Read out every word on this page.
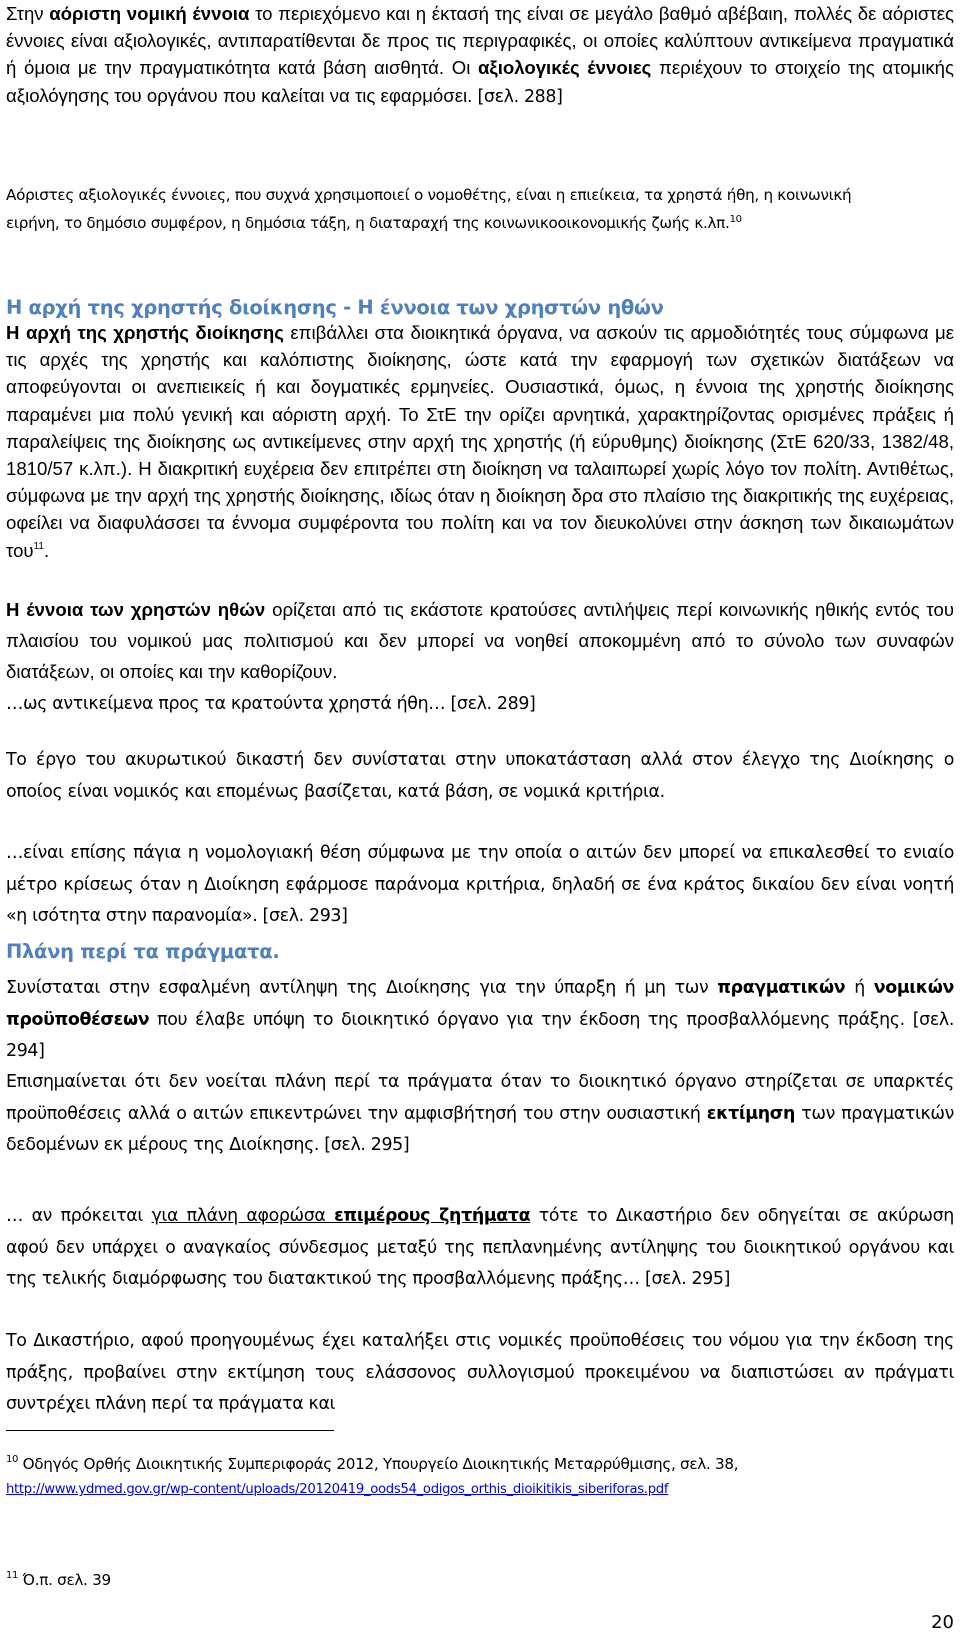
Στην αόριστη νομική έννοια το περιεχόμενο και η έκτασή της είναι σε μεγάλο βαθμό αβέβαιη, πολλές δε αόριστες έννοιες είναι αξιολογικές, αντιπαρατίθενται δε προς τις περιγραφικές, οι οποίες καλύπτουν αντικείμενα πραγματικά ή όμοια με την πραγματικότητα κατά βάση αισθητά. Οι αξιολογικές έννοιες περιέχουν το στοιχείο της ατομικής αξιολόγησης του οργάνου που καλείται να τις εφαρμόσει. [σελ. 288]

Αόριστες αξιολογικές έννοιες, που συχνά χρησιμοποιεί ο νομοθέτης, είναι η επιείκεια, τα χρηστά ήθη, η κοινωνική ειρήνη, το δημόσιο συμφέρον, η δημόσια τάξη, η διαταραχή της κοινωνικοοικονομικής ζωής κ.λπ.$^{10}$

Η αρχή της χρηστής διοίκησης - Η έννοια των χρηστών ηθών

Η αρχή της χρηστής διοίκησης επιβάλλει στα διοικητικά όργανα, να ασκούν τις αρμοδιότητές τους σύμφωνα με τις αρχές της χρηστής και καλόπιστης διοίκησης, ώστε κατά την εφαρμογή των σχετικών διατάξεων να αποφεύγονται οι ανεπιεικείς ή και δογματικές ερμηνείες. Ουσιαστικά, όμως, η έννοια της χρηστής διοίκησης παραμένει μια πολύ γενική και αόριστη αρχή. Το ΣτΕ την ορίζει αρνητικά, χαρακτηρίζοντας ορισμένες πράξεις ή παραλείψεις της διοίκησης ως αντικείμενες στην αρχή της χρηστής (ή εύρυθμης) διοίκησης (ΣτΕ 620/33, 1382/48, 1810/57 κ.λπ.). Η διακριτική ευχέρεια δεν επιτρέπει στη διοίκηση να ταλαιπωρεί χωρίς λόγο τον πολίτη. Αντιθέτως, σύμφωνα με την αρχή της χρηστής διοίκησης, ιδίως όταν η διοίκηση δρα στο πλαίσιο της διακριτικής της ευχέρειας, οφείλει να διαφυλάσσει τα έννομα συμφέροντα του πολίτη και να τον διευκολύνει στην άσκηση των δικαιωμάτων του$^{11}$.

Η έννοια των χρηστών ηθών ορίζεται από τις εκάστοτε κρατούσες αντιλήψεις περί κοινωνικής ηθικής εντός του πλαισίου του νομικού μας πολιτισμού και δεν μπορεί να νοηθεί αποκομμένη από το σύνολο των συναφών διατάξεων, οι οποίες και την καθορίζουν.

…ως αντικείμενα προς τα κρατούντα χρηστά ήθη… [σελ. 289]

Το έργο του ακυρωτικού δικαστή δεν συνίσταται στην υποκατάσταση αλλά στον έλεγχο της Διοίκησης ο οποίος είναι νομικός και επομένως βασίζεται, κατά βάση, σε νομικά κριτήρια.

…είναι επίσης πάγια η νομολογιακή θέση σύμφωνα με την οποία ο αιτών δεν μπορεί να επικαλεσθεί το ενιαίο μέτρο κρίσεως όταν η Διοίκηση εφάρμοσε παράνομα κριτήρια, δηλαδή σε ένα κράτος δικαίου δεν είναι νοητή «η ισότητα στην παρανομία». [σελ. 293]

Πλάνη περί τα πράγματα.

Συνίσταται στην εσφαλμένη αντίληψη της Διοίκησης για την ύπαρξη ή μη των πραγματικών ή νομικών προϋποθέσεων που έλαβε υπόψη το διοικητικό όργανο για την έκδοση της προσβαλλόμενης πράξης. [σελ. 294]

Επισημαίνεται ότι δεν νοείται πλάνη περί τα πράγματα όταν το διοικητικό όργανο στηρίζεται σε υπαρκτές προϋποθέσεις αλλά ο αιτών επικεντρώνει την αμφισβήτησή του στην ουσιαστική εκτίμηση των πραγματικών δεδομένων εκ μέρους της Διοίκησης. [σελ. 295]

… αν πρόκειται για πλάνη αφορώσα επιμέρους ζητήματα τότε το Δικαστήριο δεν οδηγείται σε ακύρωση αφού δεν υπάρχει ο αναγκαίος σύνδεσμος μεταξύ της πεπλανημένης αντίληψης του διοικητικού οργάνου και της τελικής διαμόρφωσης του διατακτικού της προσβαλλόμενης πράξης… [σελ. 295]

Το Δικαστήριο, αφού προηγουμένως έχει καταλήξει στις νομικές προϋποθέσεις του νόμου για την έκδοση της πράξης, προβαίνει στην εκτίμηση τους ελάσσονος συλλογισμού προκειμένου να διαπιστώσει αν πράγματι συντρέχει πλάνη περί τα πράγματα και

$^{10}$ Οδηγός Ορθής Διοικητικής Συμπεριφοράς 2012, Υπουργείο Διοικητικής Μεταρρύθμισης, σελ. 38,
http://www.ydmed.gov.gr/wp-content/uploads/20120419_oods54_odigos_orthis_dioikitikis_siberiforas.pdf
$^{11}$ Ό.π. σελ. 39
20
